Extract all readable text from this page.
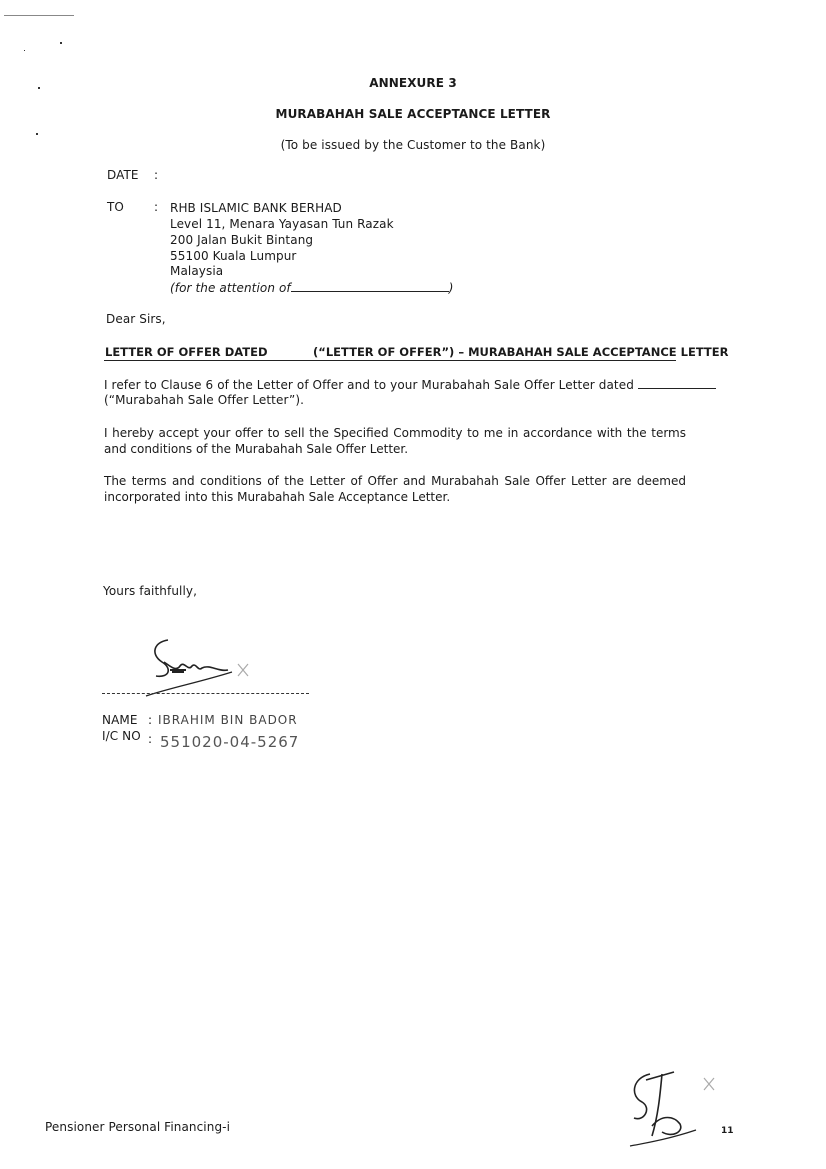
ANNEXURE 3
MURABAHAH SALE ACCEPTANCE LETTER
(To be issued by the Customer to the Bank)
DATE :
TO	: RHB ISLAMIC BANK BERHAD
Level 11, Menara Yayasan Tun Razak
200 Jalan Bukit Bintang
55100 Kuala Lumpur
Malaysia
(for the attention of	)
Dear Sirs,
LETTER OF OFFER DATED	(“LETTER OF OFFER”) – MURABAHAH SALE ACCEPTANCE LETTER
I refer to Clause 6 of the Letter of Offer and to your Murabahah Sale Offer Letter dated
(“Murabahah Sale Offer Letter”).
I hereby accept your offer to sell the Specified Commodity to me in accordance with the terms and conditions of the Murabahah Sale Offer Letter.
The terms and conditions of the Letter of Offer and Murabahah Sale Offer Letter are deemed incorporated into this Murabahah Sale Acceptance Letter.
Yours faithfully,
NAME : IBRAHIM BIN BADOR
I/C NO : 551020-04-5267
Pensioner Personal Financing-i	11
